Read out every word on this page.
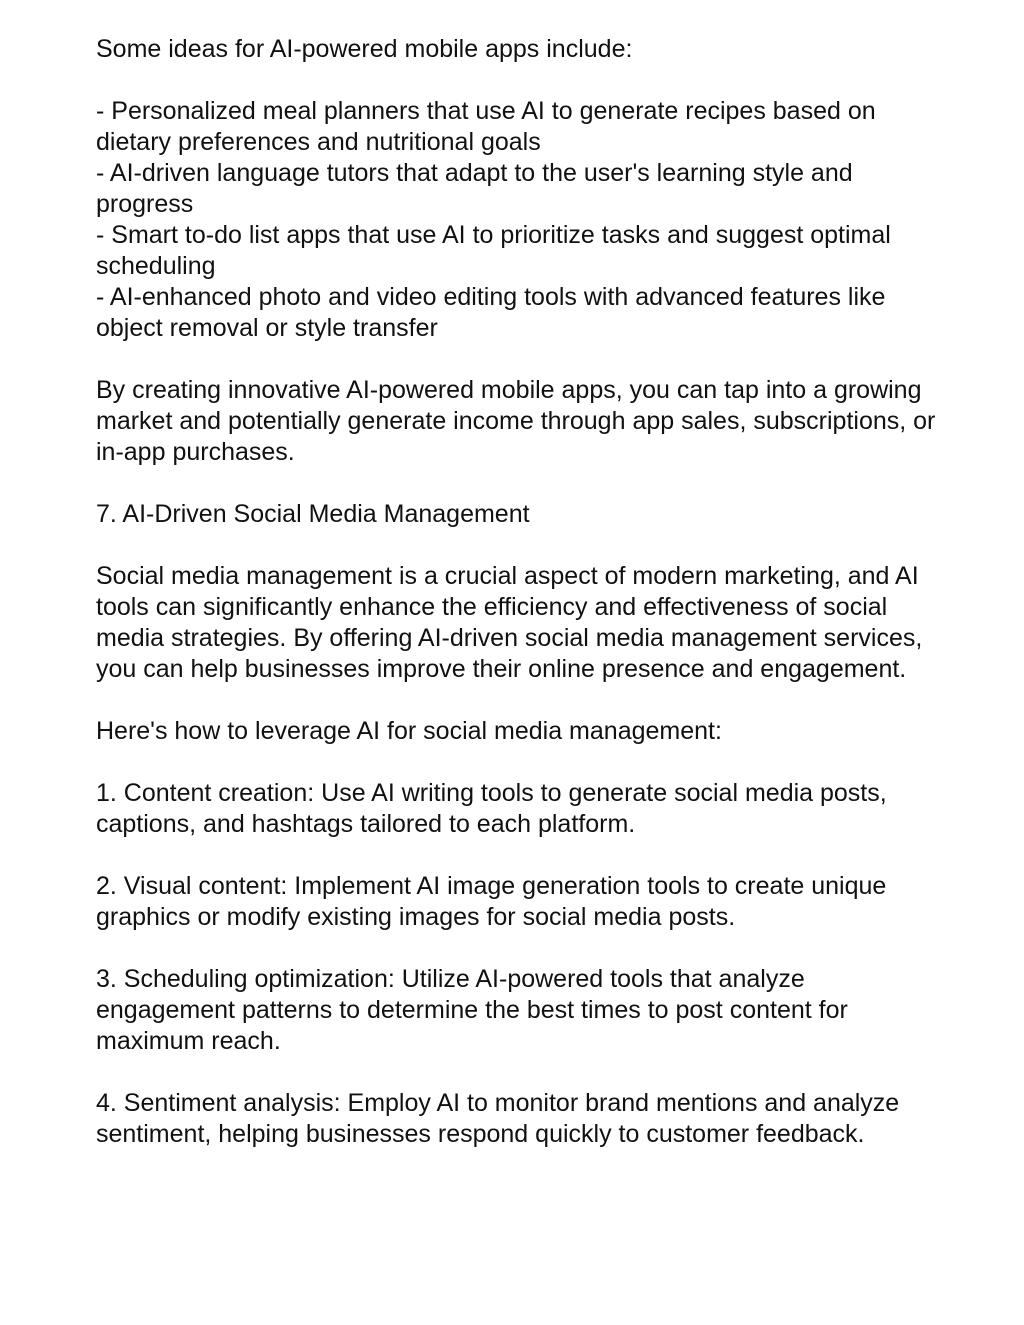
Some ideas for AI-powered mobile apps include:

- Personalized meal planners that use AI to generate recipes based on dietary preferences and nutritional goals
- AI-driven language tutors that adapt to the user's learning style and progress
- Smart to-do list apps that use AI to prioritize tasks and suggest optimal scheduling
- AI-enhanced photo and video editing tools with advanced features like object removal or style transfer

By creating innovative AI-powered mobile apps, you can tap into a growing market and potentially generate income through app sales, subscriptions, or in-app purchases.

7. AI-Driven Social Media Management

Social media management is a crucial aspect of modern marketing, and AI tools can significantly enhance the efficiency and effectiveness of social media strategies. By offering AI-driven social media management services, you can help businesses improve their online presence and engagement.

Here's how to leverage AI for social media management:

1. Content creation: Use AI writing tools to generate social media posts, captions, and hashtags tailored to each platform.

2. Visual content: Implement AI image generation tools to create unique graphics or modify existing images for social media posts.

3. Scheduling optimization: Utilize AI-powered tools that analyze engagement patterns to determine the best times to post content for maximum reach.

4. Sentiment analysis: Employ AI to monitor brand mentions and analyze sentiment, helping businesses respond quickly to customer feedback.
